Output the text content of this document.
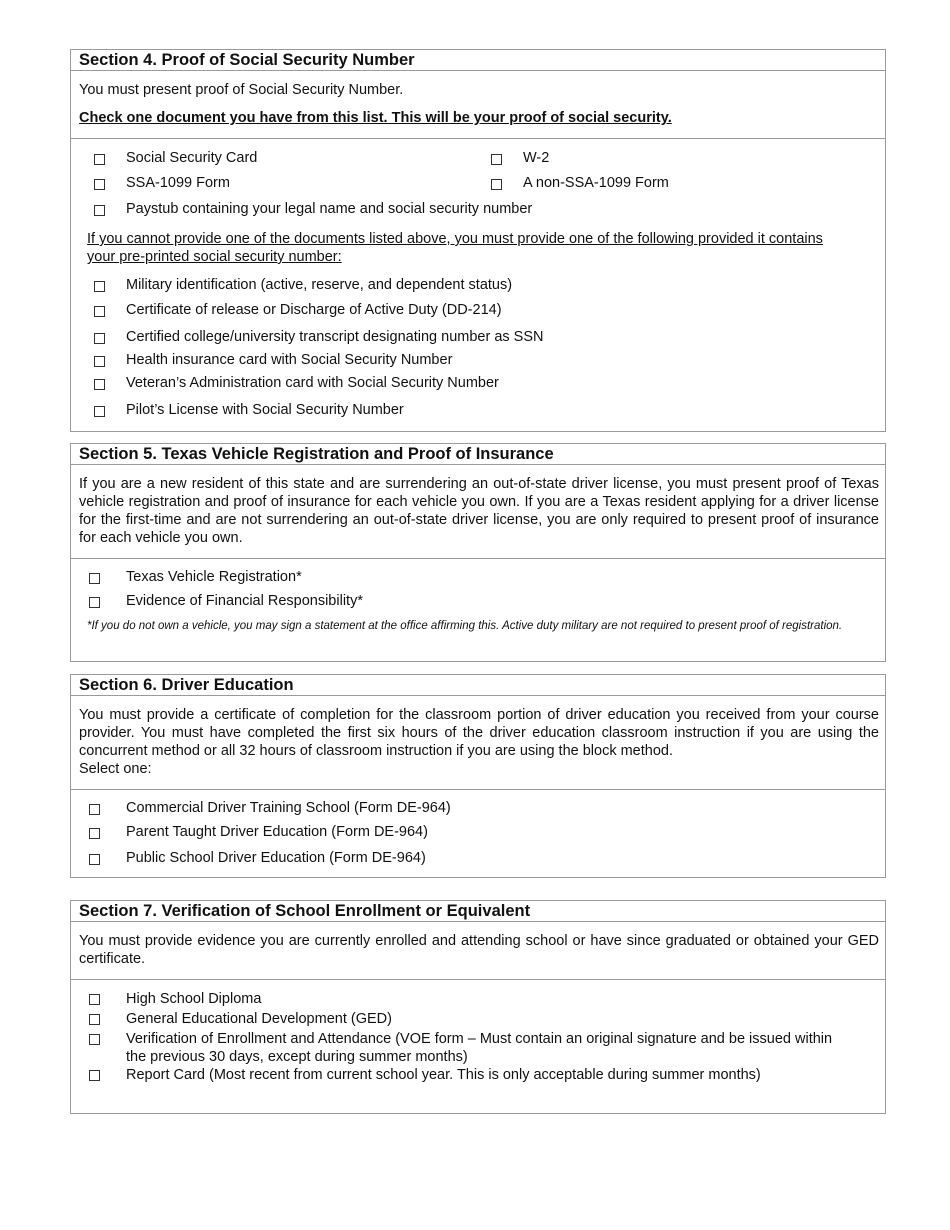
Section 4. Proof of Social Security Number
You must present proof of Social Security Number.
Check one document you have from this list. This will be your proof of social security.
Social Security Card	W-2
SSA-1099 Form	A non-SSA-1099 Form
Paystub containing your legal name and social security number
If you cannot provide one of the documents listed above, you must provide one of the following provided it contains your pre-printed social security number:
Military identification (active, reserve, and dependent status)
Certificate of release or Discharge of Active Duty (DD-214)
Certified college/university transcript designating number as SSN
Health insurance card with Social Security Number
Veteran’s Administration card with Social Security Number
Pilot’s License with Social Security Number
Section 5. Texas Vehicle Registration and Proof of Insurance
If you are a new resident of this state and are surrendering an out-of-state driver license, you must present proof of Texas vehicle registration and proof of insurance for each vehicle you own. If you are a Texas resident applying for a driver license for the first-time and are not surrendering an out-of-state driver license, you are only required to present proof of insurance for each vehicle you own.
Texas Vehicle Registration*
Evidence of Financial Responsibility*
*If you do not own a vehicle, you may sign a statement at the office affirming this. Active duty military are not required to present proof of registration.
Section 6. Driver Education
You must provide a certificate of completion for the classroom portion of driver education you received from your course provider. You must have completed the first six hours of the driver education classroom instruction if you are using the concurrent method or all 32 hours of classroom instruction if you are using the block method.
Select one:
Commercial Driver Training School (Form DE-964)
Parent Taught Driver Education (Form DE-964)
Public School Driver Education (Form DE-964)
Section 7. Verification of School Enrollment or Equivalent
You must provide evidence you are currently enrolled and attending school or have since graduated or obtained your GED certificate.
High School Diploma
General Educational Development (GED)
Verification of Enrollment and Attendance (VOE form – Must contain an original signature and be issued within the previous 30 days, except during summer months)
Report Card (Most recent from current school year. This is only acceptable during summer months)
